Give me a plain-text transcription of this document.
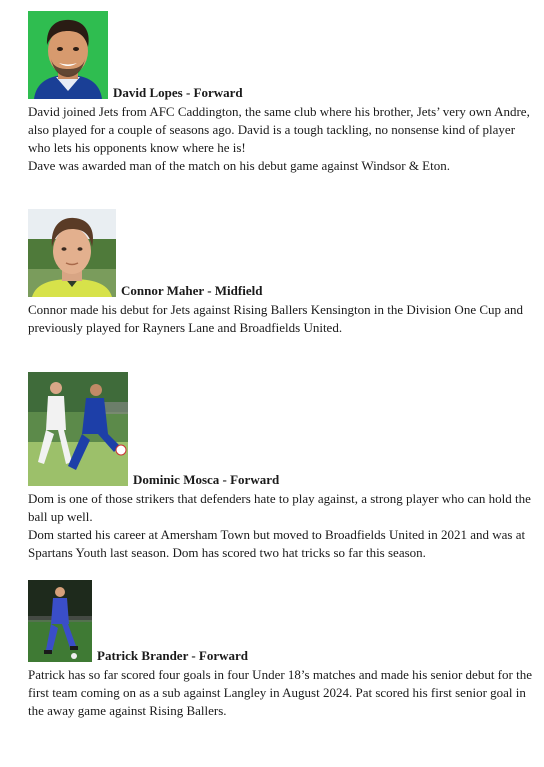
David Lopes - Forward

David joined Jets from AFC Caddington, the same club where his brother, Jets’ very own Andre, also played for a couple of seasons ago. David is a tough tackling, no nonsense kind of player who lets his opponents know where he is!

Dave was awarded man of the match on his debut game against Windsor & Eton.

Connor Maher - Midfield

Connor made his debut for Jets against Rising Ballers Kensington in the Division One Cup and previously played for Rayners Lane and Broadfields United.

Dominic Mosca - Forward

Dom is one of those strikers that defenders hate to play against, a strong player who can hold the ball up well.

Dom started his career at Amersham Town but moved to Broadfields United in 2021 and was at Spartans Youth last season. Dom has scored two hat tricks so far this season.

Patrick Brander - Forward

Patrick has so far scored four goals in four Under 18’s matches and made his senior debut for the first team coming on as a sub against Langley in August 2024. Pat scored his first senior goal in the away game against Rising Ballers.
